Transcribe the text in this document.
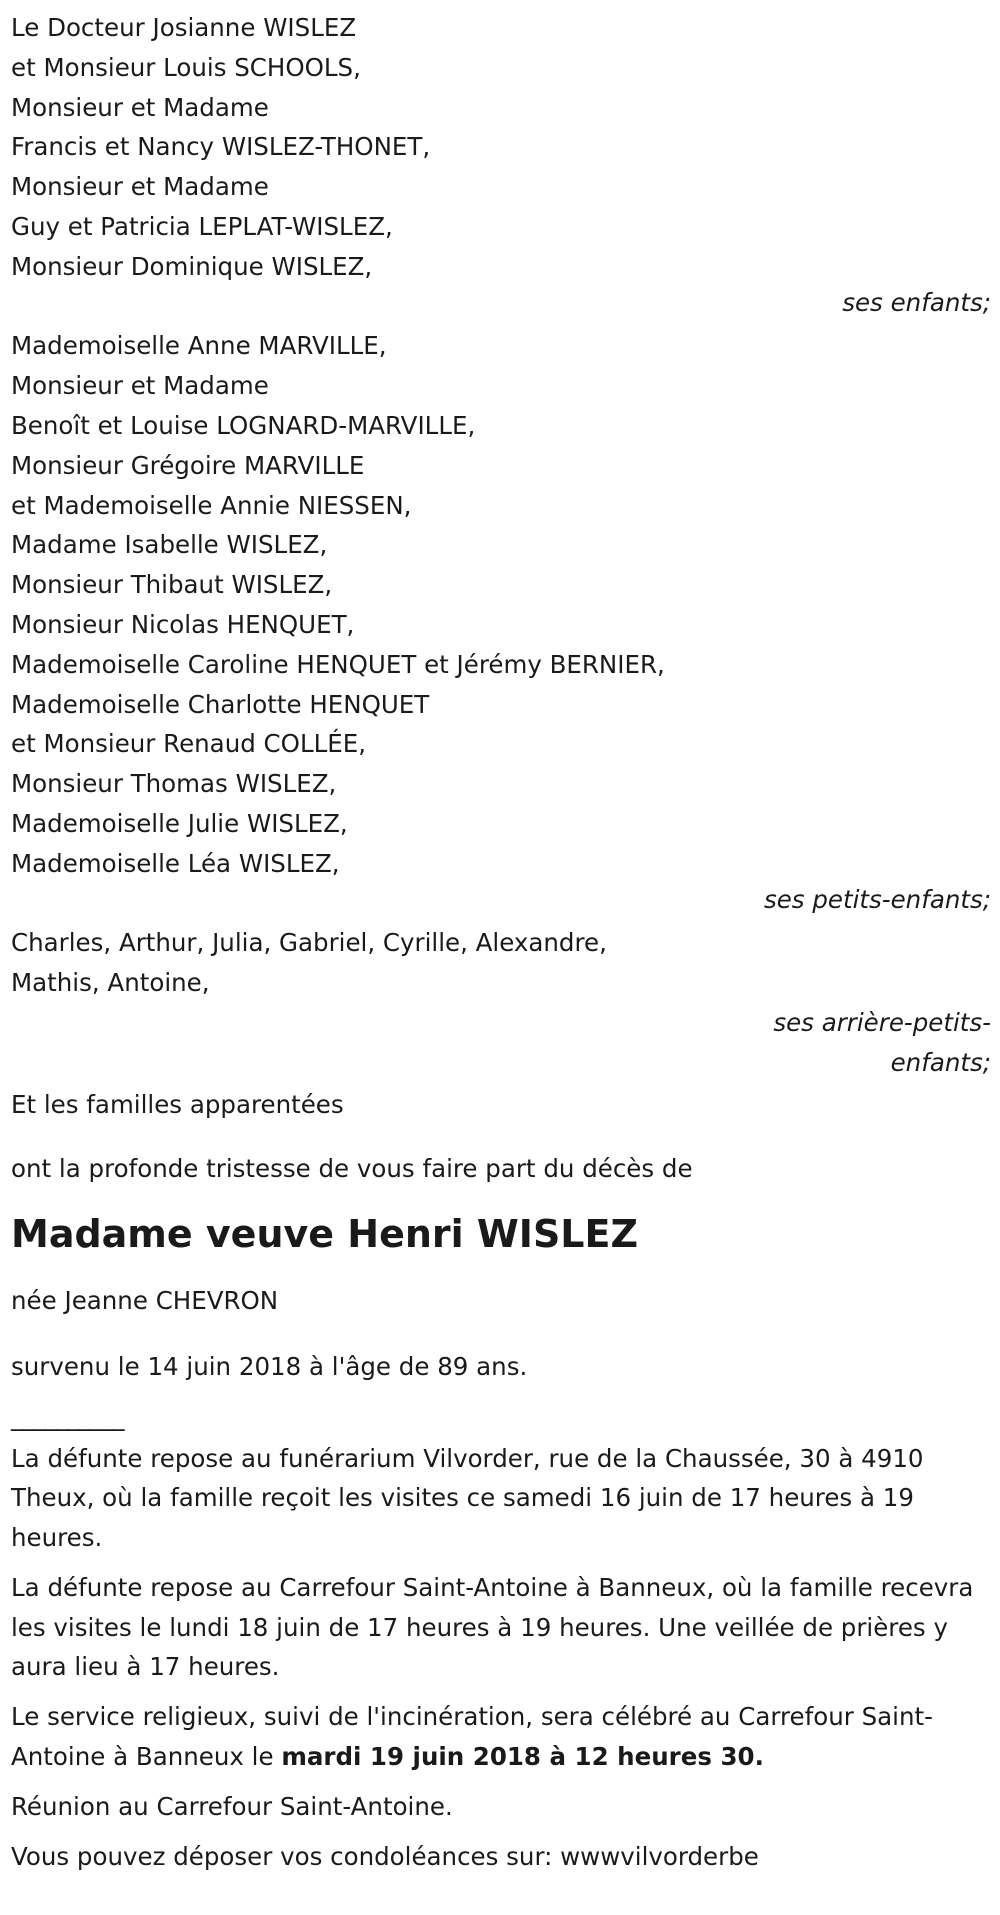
Le Docteur Josianne WISLEZ
et Monsieur Louis SCHOOLS,
Monsieur et Madame
Francis et Nancy WISLEZ-THONET,
Monsieur et Madame
Guy et Patricia LEPLAT-WISLEZ,
Monsieur Dominique WISLEZ,
ses enfants;
Mademoiselle Anne MARVILLE,
Monsieur et Madame
Benoît et Louise LOGNARD-MARVILLE,
Monsieur Grégoire MARVILLE
et Mademoiselle Annie NIESSEN,
Madame Isabelle WISLEZ,
Monsieur Thibaut WISLEZ,
Monsieur Nicolas HENQUET,
Mademoiselle Caroline HENQUET et Jérémy BERNIER,
Mademoiselle Charlotte HENQUET
et Monsieur Renaud COLLÉE,
Monsieur Thomas WISLEZ,
Mademoiselle Julie WISLEZ,
Mademoiselle Léa WISLEZ,
ses petits-enfants;
Charles, Arthur, Julia, Gabriel, Cyrille, Alexandre,
Mathis, Antoine,
ses arrière-petits-
enfants;
Et les familles apparentées
ont la profonde tristesse de vous faire part du décès de
Madame veuve Henri WISLEZ
née Jeanne CHEVRON
survenu le 14 juin 2018 à l'âge de 89 ans.
__________
La défunte repose au funérarium Vilvorder, rue de la Chaussée, 30 à 4910 Theux, où la famille reçoit les visites ce samedi 16 juin de 17 heures à 19 heures.
La défunte repose au Carrefour Saint-Antoine à Banneux, où la famille recevra les visites le lundi 18 juin de 17 heures à 19 heures. Une veillée de prières y aura lieu à 17 heures.
Le service religieux, suivi de l'incinération, sera célébré au Carrefour Saint-Antoine à Banneux le mardi 19 juin 2018 à 12 heures 30.
Réunion au Carrefour Saint-Antoine.
Vous pouvez déposer vos condoléances sur: wwwvilvorderbe
